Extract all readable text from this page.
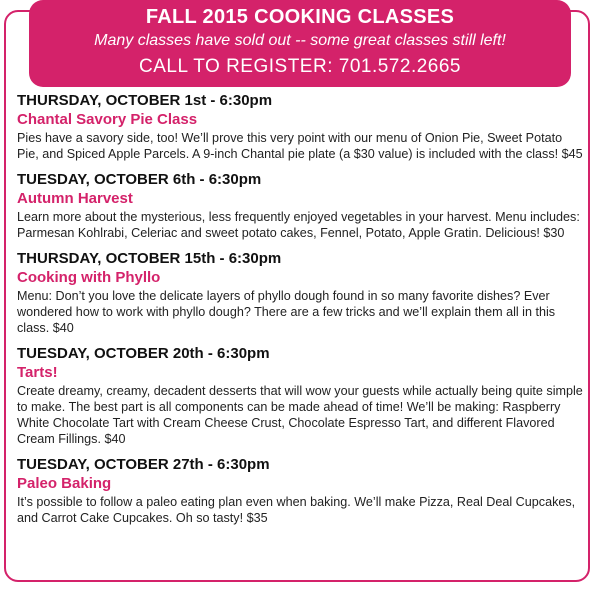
FALL 2015 COOKING CLASSES
Many classes have sold out -- some great classes still left!
CALL TO REGISTER: 701.572.2665
THURSDAY, OCTOBER 1st - 6:30pm
Chantal Savory Pie Class
Pies have a savory side, too! We’ll prove this very point with our menu of Onion Pie, Sweet Potato Pie, and Spiced Apple Parcels. A 9-inch Chantal pie plate (a $30 value) is included with the class! $45
TUESDAY, OCTOBER 6th - 6:30pm
Autumn Harvest
Learn more about the mysterious, less frequently enjoyed vegetables in your harvest. Menu includes: Parmesan Kohlrabi, Celeriac and sweet potato cakes, Fennel, Potato, Apple Gratin. Delicious! $30
THURSDAY, OCTOBER 15th - 6:30pm
Cooking with Phyllo
Menu: Don’t you love the delicate layers of phyllo dough found in so many favorite dishes? Ever wondered how to work with phyllo dough? There are a few tricks and we’ll explain them all in this class. $40
TUESDAY, OCTOBER 20th - 6:30pm
Tarts!
Create dreamy, creamy, decadent desserts that will wow your guests while actually being quite simple to make. The best part is all components can be made ahead of time! We’ll be making: Raspberry White Chocolate Tart with Cream Cheese Crust, Chocolate Espresso Tart, and different Flavored Cream Fillings. $40
TUESDAY, OCTOBER 27th - 6:30pm
Paleo Baking
It’s possible to follow a paleo eating plan even when baking. We’ll make Pizza, Real Deal Cupcakes, and Carrot Cake Cupcakes. Oh so tasty! $35
